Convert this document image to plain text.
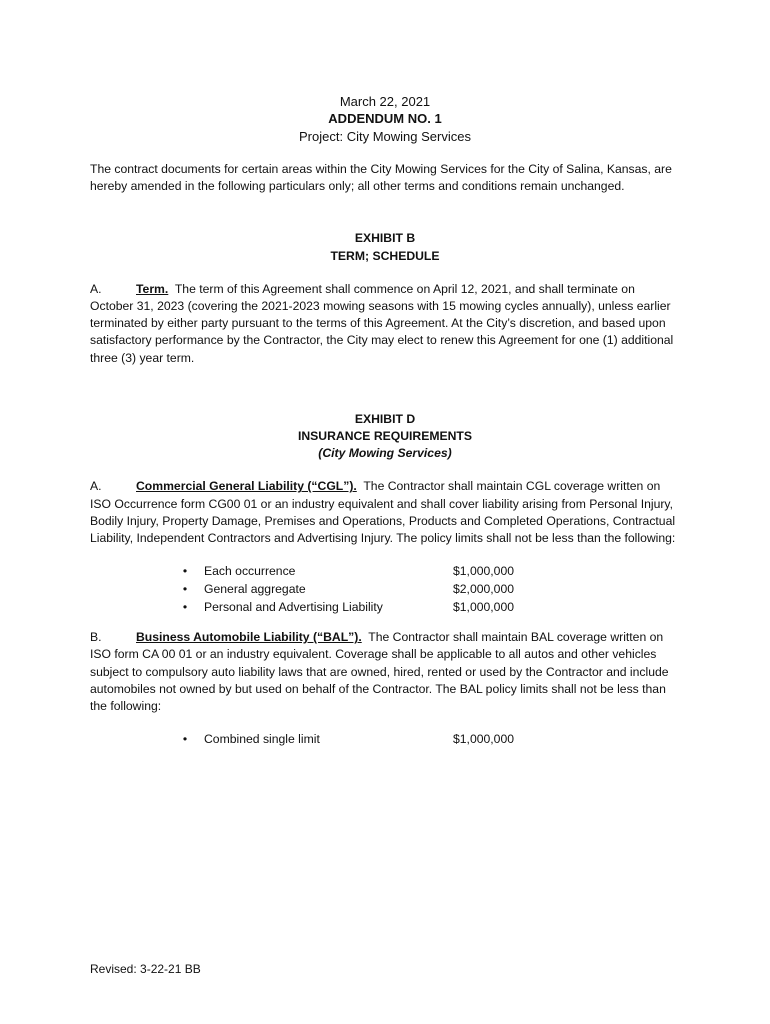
March 22, 2021
ADDENDUM NO. 1
Project: City Mowing Services

The contract documents for certain areas within the City Mowing Services for the City of Salina, Kansas, are hereby amended in the following particulars only; all other terms and conditions remain unchanged.

EXHIBIT B
TERM; SCHEDULE

A.	Term. The term of this Agreement shall commence on April 12, 2021, and shall terminate on October 31, 2023 (covering the 2021-2023 mowing seasons with 15 mowing cycles annually), unless earlier terminated by either party pursuant to the terms of this Agreement. At the City’s discretion, and based upon satisfactory performance by the Contractor, the City may elect to renew this Agreement for one (1) additional three (3) year term.

EXHIBIT D
INSURANCE REQUIREMENTS
(City Mowing Services)

A.	Commercial General Liability (“CGL”). The Contractor shall maintain CGL coverage written on ISO Occurrence form CG00 01 or an industry equivalent and shall cover liability arising from Personal Injury, Bodily Injury, Property Damage, Premises and Operations, Products and Completed Operations, Contractual Liability, Independent Contractors and Advertising Injury. The policy limits shall not be less than the following:

• Each occurrence	$1,000,000
• General aggregate	$2,000,000
• Personal and Advertising Liability	$1,000,000

B.	Business Automobile Liability (“BAL”). The Contractor shall maintain BAL coverage written on ISO form CA 00 01 or an industry equivalent. Coverage shall be applicable to all autos and other vehicles subject to compulsory auto liability laws that are owned, hired, rented or used by the Contractor and include automobiles not owned by but used on behalf of the Contractor. The BAL policy limits shall not be less than the following:

• Combined single limit	$1,000,000
Revised: 3-22-21 BB
